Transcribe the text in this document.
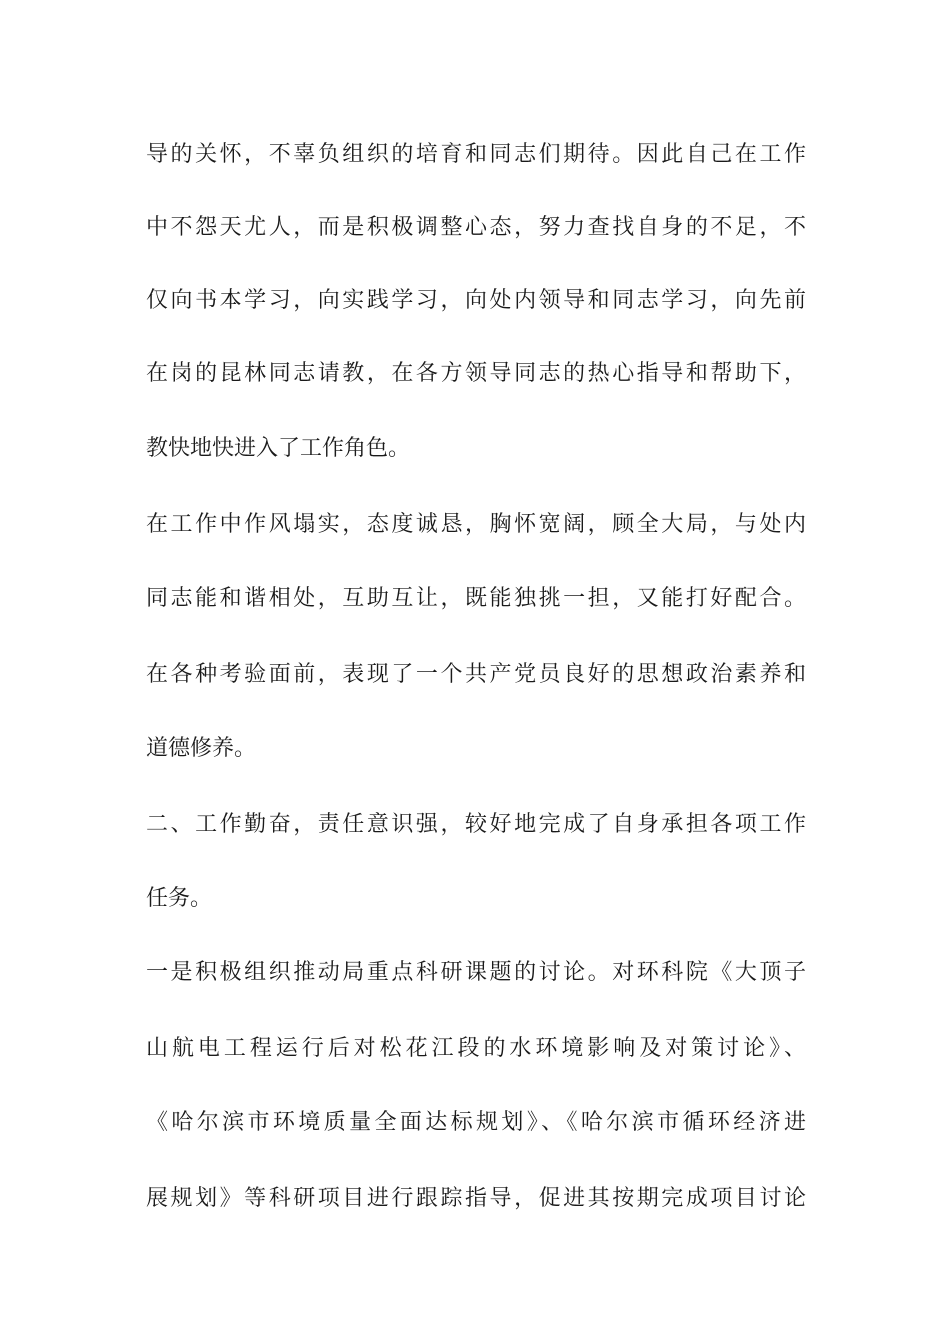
导的关怀，不辜负组织的培育和同志们期待。因此自己在工作

中不怨天尤人，而是积极调整心态，努力查找自身的不足，不

仅向书本学习，向实践学习，向处内领导和同志学习，向先前

在岗的昆林同志请教，在各方领导同志的热心指导和帮助下，

教快地快进入了工作角色。

在工作中作风塌实，态度诚恳，胸怀宽阔，顾全大局，与处内

同志能和谐相处，互助互让，既能独挑一担，又能打好配合。

在各种考验面前，表现了一个共产党员良好的思想政治素养和

道德修养。

二、工作勤奋，责任意识强，较好地完成了自身承担各项工作

任务。

一是积极组织推动局重点科研课题的讨论。对环科院《大顶子

山航电工程运行后对松花江段的水环境影响及对策讨论》、

《哈尔滨市环境质量全面达标规划》、《哈尔滨市循环经济进

展规划》等科研项目进行跟踪指导，促进其按期完成项目讨论
